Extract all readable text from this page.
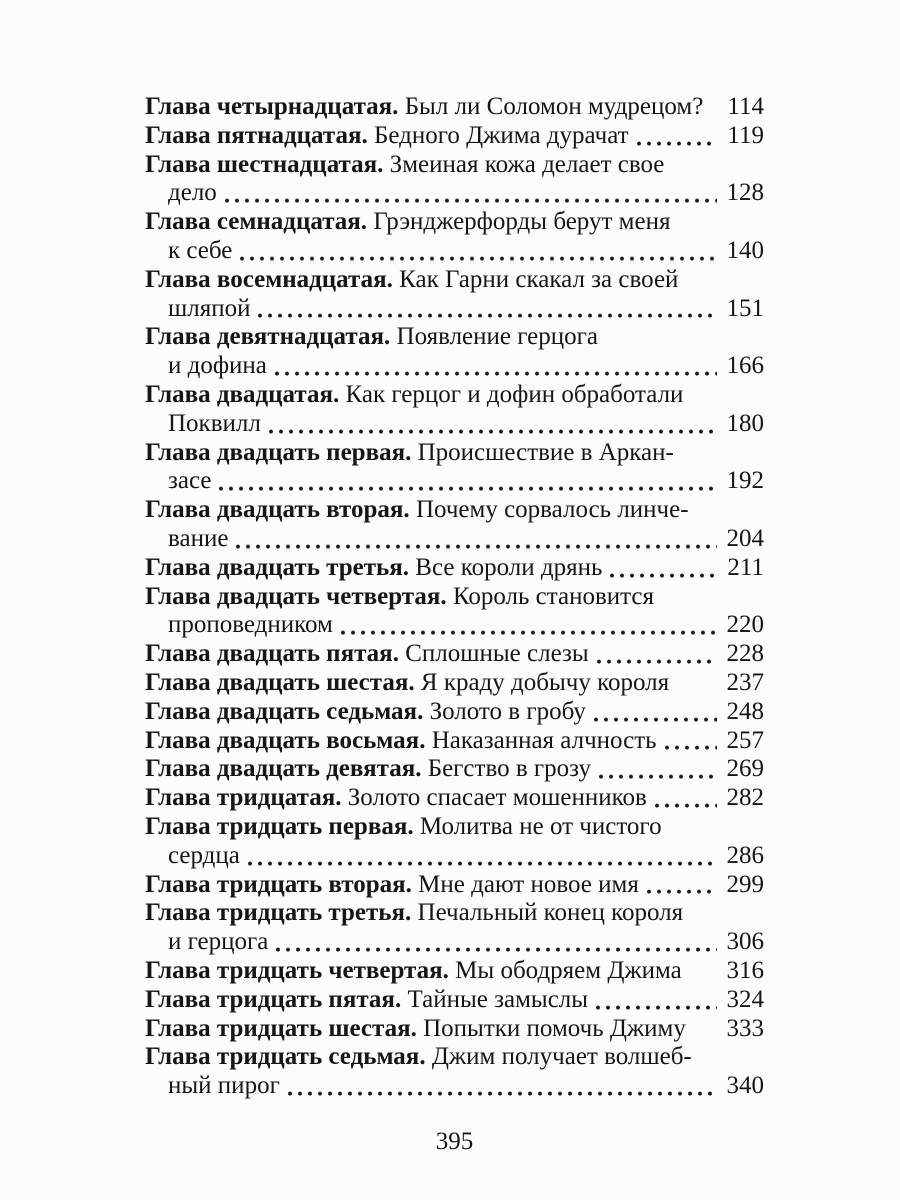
Глава четырнадцатая. Был ли Соломон мудрецом? 114
Глава пятнадцатая. Бедного Джима дурачат	119
Глава шестнадцатая. Змеиная кожа делает свое
дело	128
Глава семнадцатая. Грэнджерфорды берут меня
к себе	140
Глава восемнадцатая. Как Гарни скакал за своей
шляпой	151
Глава девятнадцатая. Появление герцога
и дофина	166
Глава двадцатая. Как герцог и дофин обработали
Поквилл	180
Глава двадцать первая. Происшествие в Аркан-
засе	192
Глава двадцать вторая. Почему сорвалось линче-
вание	204
Глава двадцать третья. Все короли дрянь	211
Глава двадцать четвертая. Король становится
проповедником	220
Глава двадцать пятая. Сплошные слезы	228
Глава двадцать шестая. Я краду добычу короля 237
Глава двадцать седьмая. Золото в гробу	248
Глава двадцать восьмая. Наказанная алчность	257
Глава двадцать девятая. Бегство в грозу	269
Глава тридцатая. Золото спасает мошенников	282
Глава тридцать первая. Молитва не от чистого
сердца	286
Глава тридцать вторая. Мне дают новое имя	299
Глава тридцать третья. Печальный конец короля
и герцога	306
Глава тридцать четвертая. Мы ободряем Джима 316
Глава тридцать пятая. Тайные замыслы	324
Глава тридцать шестая. Попытки помочь Джиму 333
Глава тридцать седьмая. Джим получает волшеб-
ный пирог	340
395
